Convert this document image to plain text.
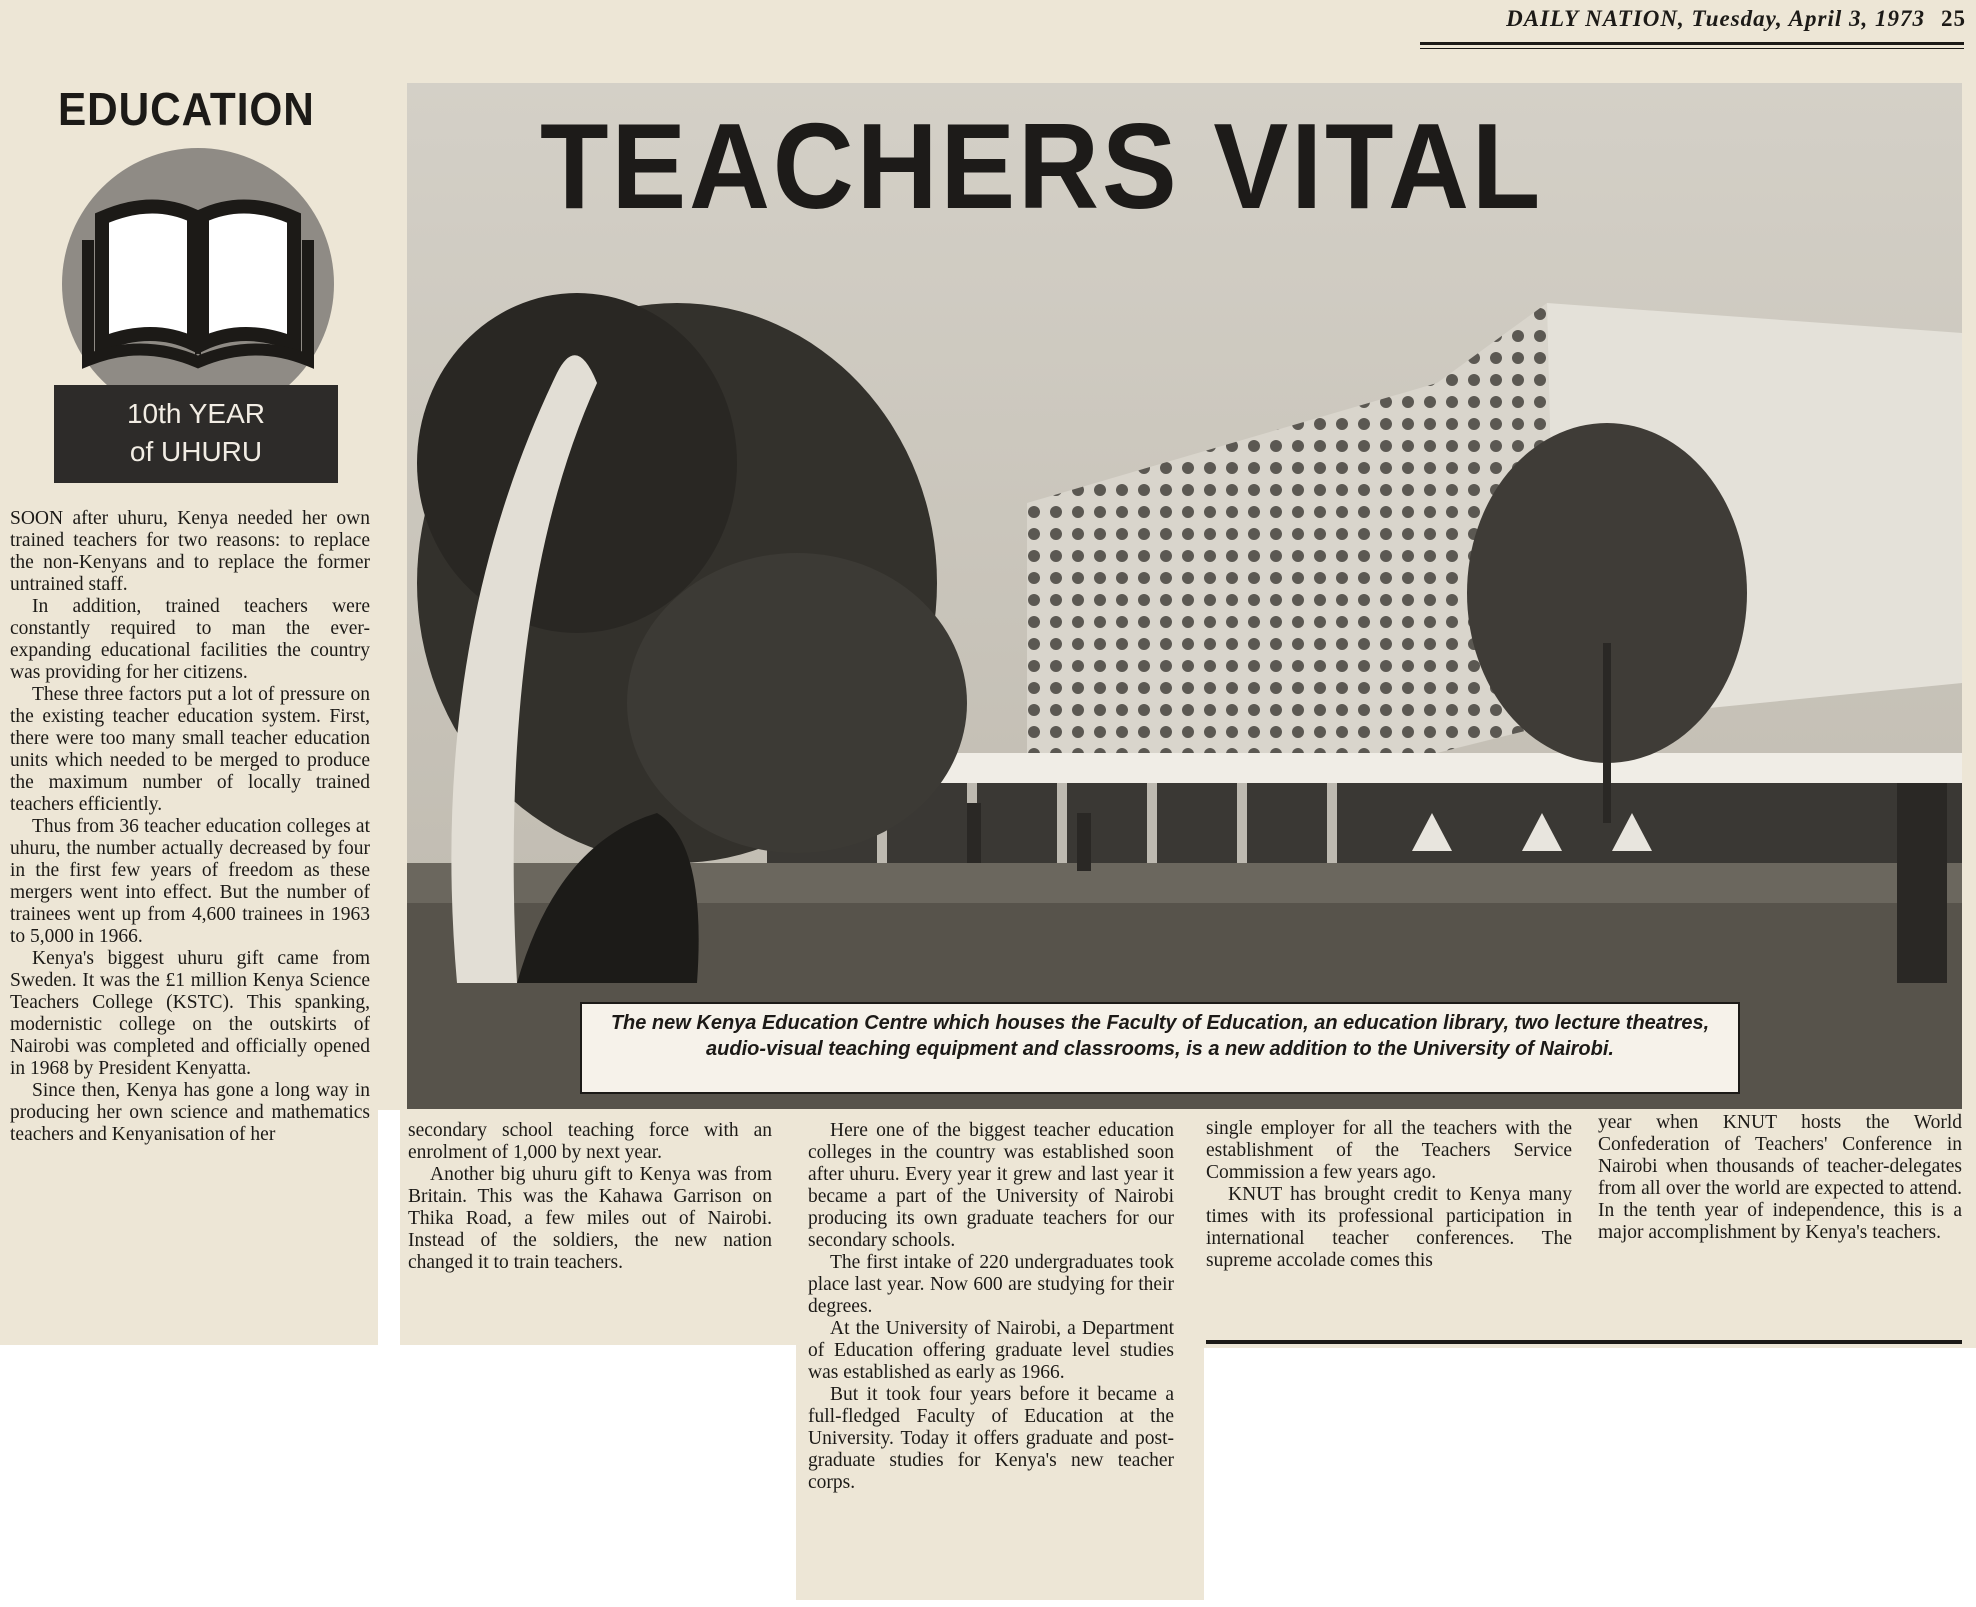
DAILY NATION, Tuesday, April 3, 1973 25
EDUCATION
10th YEAR
of UHURU
TEACHERS VITAL
The new Kenya Education Centre which houses the Faculty of Education, an education library, two lecture theatres, audio-visual teaching equipment and classrooms, is a new addition to the University of Nairobi.

SOON after uhuru, Kenya needed her own trained teachers for two reasons: to replace the non-Kenyans and to replace the former untrained staff.

In addition, trained teachers were constantly required to man the ever-expanding educational facilities the country was providing for her citizens.

These three factors put a lot of pressure on the existing teacher education system. First, there were too many small teacher education units which needed to be merged to produce the maximum number of locally trained teachers efficiently.

Thus from 36 teacher education colleges at uhuru, the number actually decreased by four in the first few years of freedom as these mergers went into effect. But the number of trainees went up from 4,600 trainees in 1963 to 5,000 in 1966.

Kenya's biggest uhuru gift came from Sweden. It was the £1 million Kenya Science Teachers College (KSTC). This spanking, modernistic college on the outskirts of Nairobi was completed and officially opened in 1968 by President Kenyatta.

Since then, Kenya has gone a long way in producing her own science and mathematics teachers and Kenyanisation of her	secondary school teaching force with an enrolment of 1,000 by next year.

Another big uhuru gift to Kenya was from Britain. This was the Kahawa Garrison on Thika Road, a few miles out of Nairobi. Instead of the soldiers, the new nation changed it to train teachers.

Here one of the biggest teacher education colleges in the country was established soon after uhuru. Every year it grew and last year it became a part of the University of Nairobi producing its own graduate teachers for our secondary schools.

The first intake of 220 undergraduates took place last year. Now 600 are studying for their degrees.

At the University of Nairobi, a Department of Education offering graduate level studies was established as early as 1966.

But it took four years before it became a full-fledged Faculty of Education at the University. Today it offers graduate and post-graduate studies for Kenya's new teacher corps.

single employer for all the teachers with the establishment of the Teachers Service Commission a few years ago.

KNUT has brought credit to Kenya many times with its professional participation in international teacher conferences. The supreme accolade comes this

year when KNUT hosts the World Confederation of Teachers' Conference in Nairobi when thousands of teacher-delegates from all over the world are expected to attend. In the tenth year of independence, this is a major accomplishment by Kenya's teachers.
